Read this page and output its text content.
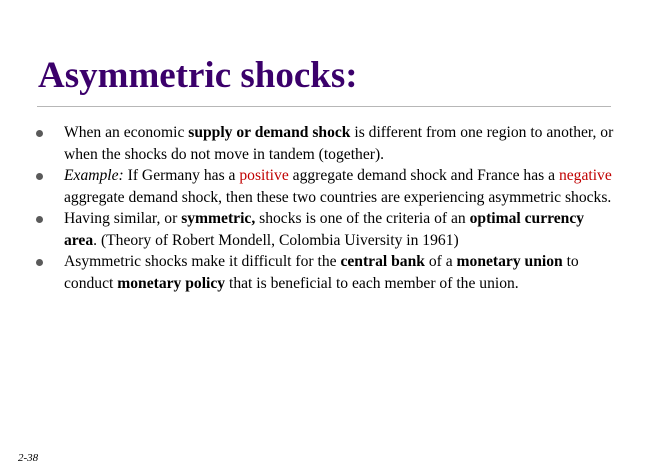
Asymmetric shocks:
When an economic supply or demand shock is different from one region to another, or when the shocks do not move in tandem (together).
Example: If Germany has a positive aggregate demand shock and France has a negative aggregate demand shock, then these two countries are experiencing asymmetric shocks.
Having similar, or symmetric, shocks is one of the criteria of an optimal currency area. (Theory of Robert Mondell, Colombia Uiversity in 1961)
Asymmetric shocks make it difficult for the central bank of a monetary union to conduct monetary policy that is beneficial to each member of the union.
2-38
